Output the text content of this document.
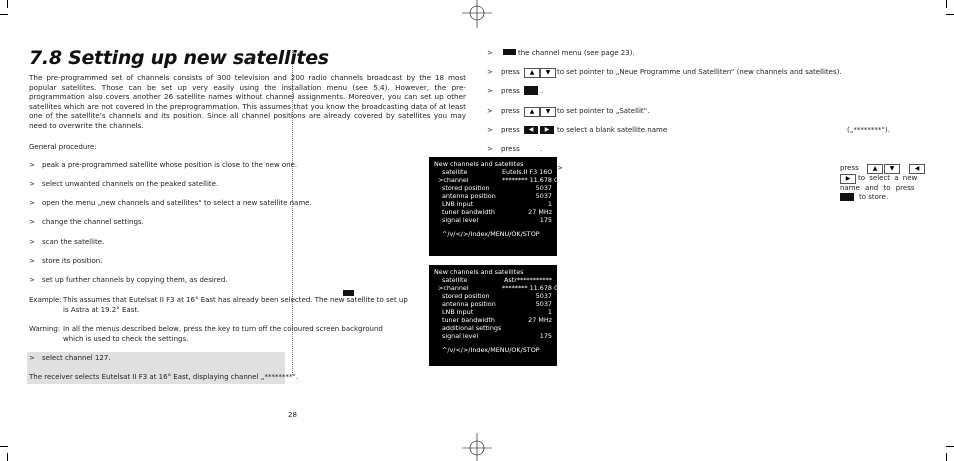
7.8 Setting up new satellites
The pre-programmed set of channels consists of 300 television and 200 radio channels broadcast by the 18 most popular satellites. Those can be set up very easily using the installation menu (see 5.4). However, the pre-programmation also covers another 26 satellite names without channel assignments. Moreover, you can set up other satellites which are not covered in the preprogrammation. This assumes that you know the broadcasting data of at least one of the satellite’s channels and its position. Since all channel positions are already covered by satellites you may need to overwrite the channels.
General procedure:
> peak a pre-programmed satellite whose position is close to the new one.
> select unwanted channels on the peaked satellite.
> open the menu „new channels and satellites“ to select a new satellite name.
> change the channel settings.
> scan the satellite.
> store its position.
> set up further channels by copying them, as desired.
Example: This assumes that Eutelsat II F3 at 16° East has already been selected. The new satellite to set up
is Astra at 19.2° East.
Warning: In all the menus described below, press the key to turn off the coloured screen background
which is used to check the settings.
> select channel 127.
The receiver selects Eutelsat II F3 at 16° East, displaying channel „********“.
28
>	the channel menu (see page 23).
> press	▲	▼ to set pointer to „Neue Programme und Satelliten“ (new channels and satellites).
> press	.
> press	▲	▼ to set pointer to „Satellit“.
> press	◀	▶	to select a blank satellite name	(„********“).
> press	.
>	press	▲	▼	◀
▶	to select a new
name and to press
to store.
New channels and satellites
satellite	Eutels.II F3 16O
>channel	******** 11.678 GHz
stored position	5037
antenna position	5037
LNB input	1
tuner bandwidth	27 MHz
signal level	175
^/v/</>/Index/MENU/OK/STOP
New channels and satellites
satellite	Astr***********
>channel	******** 11.678 GHz
stored position	5037
antenna position	5037
LNB input	1
tuner bandwidth	27 MHz
additional settings
signal level	175
^/v/</>/Index/MENU/OK/STOP
